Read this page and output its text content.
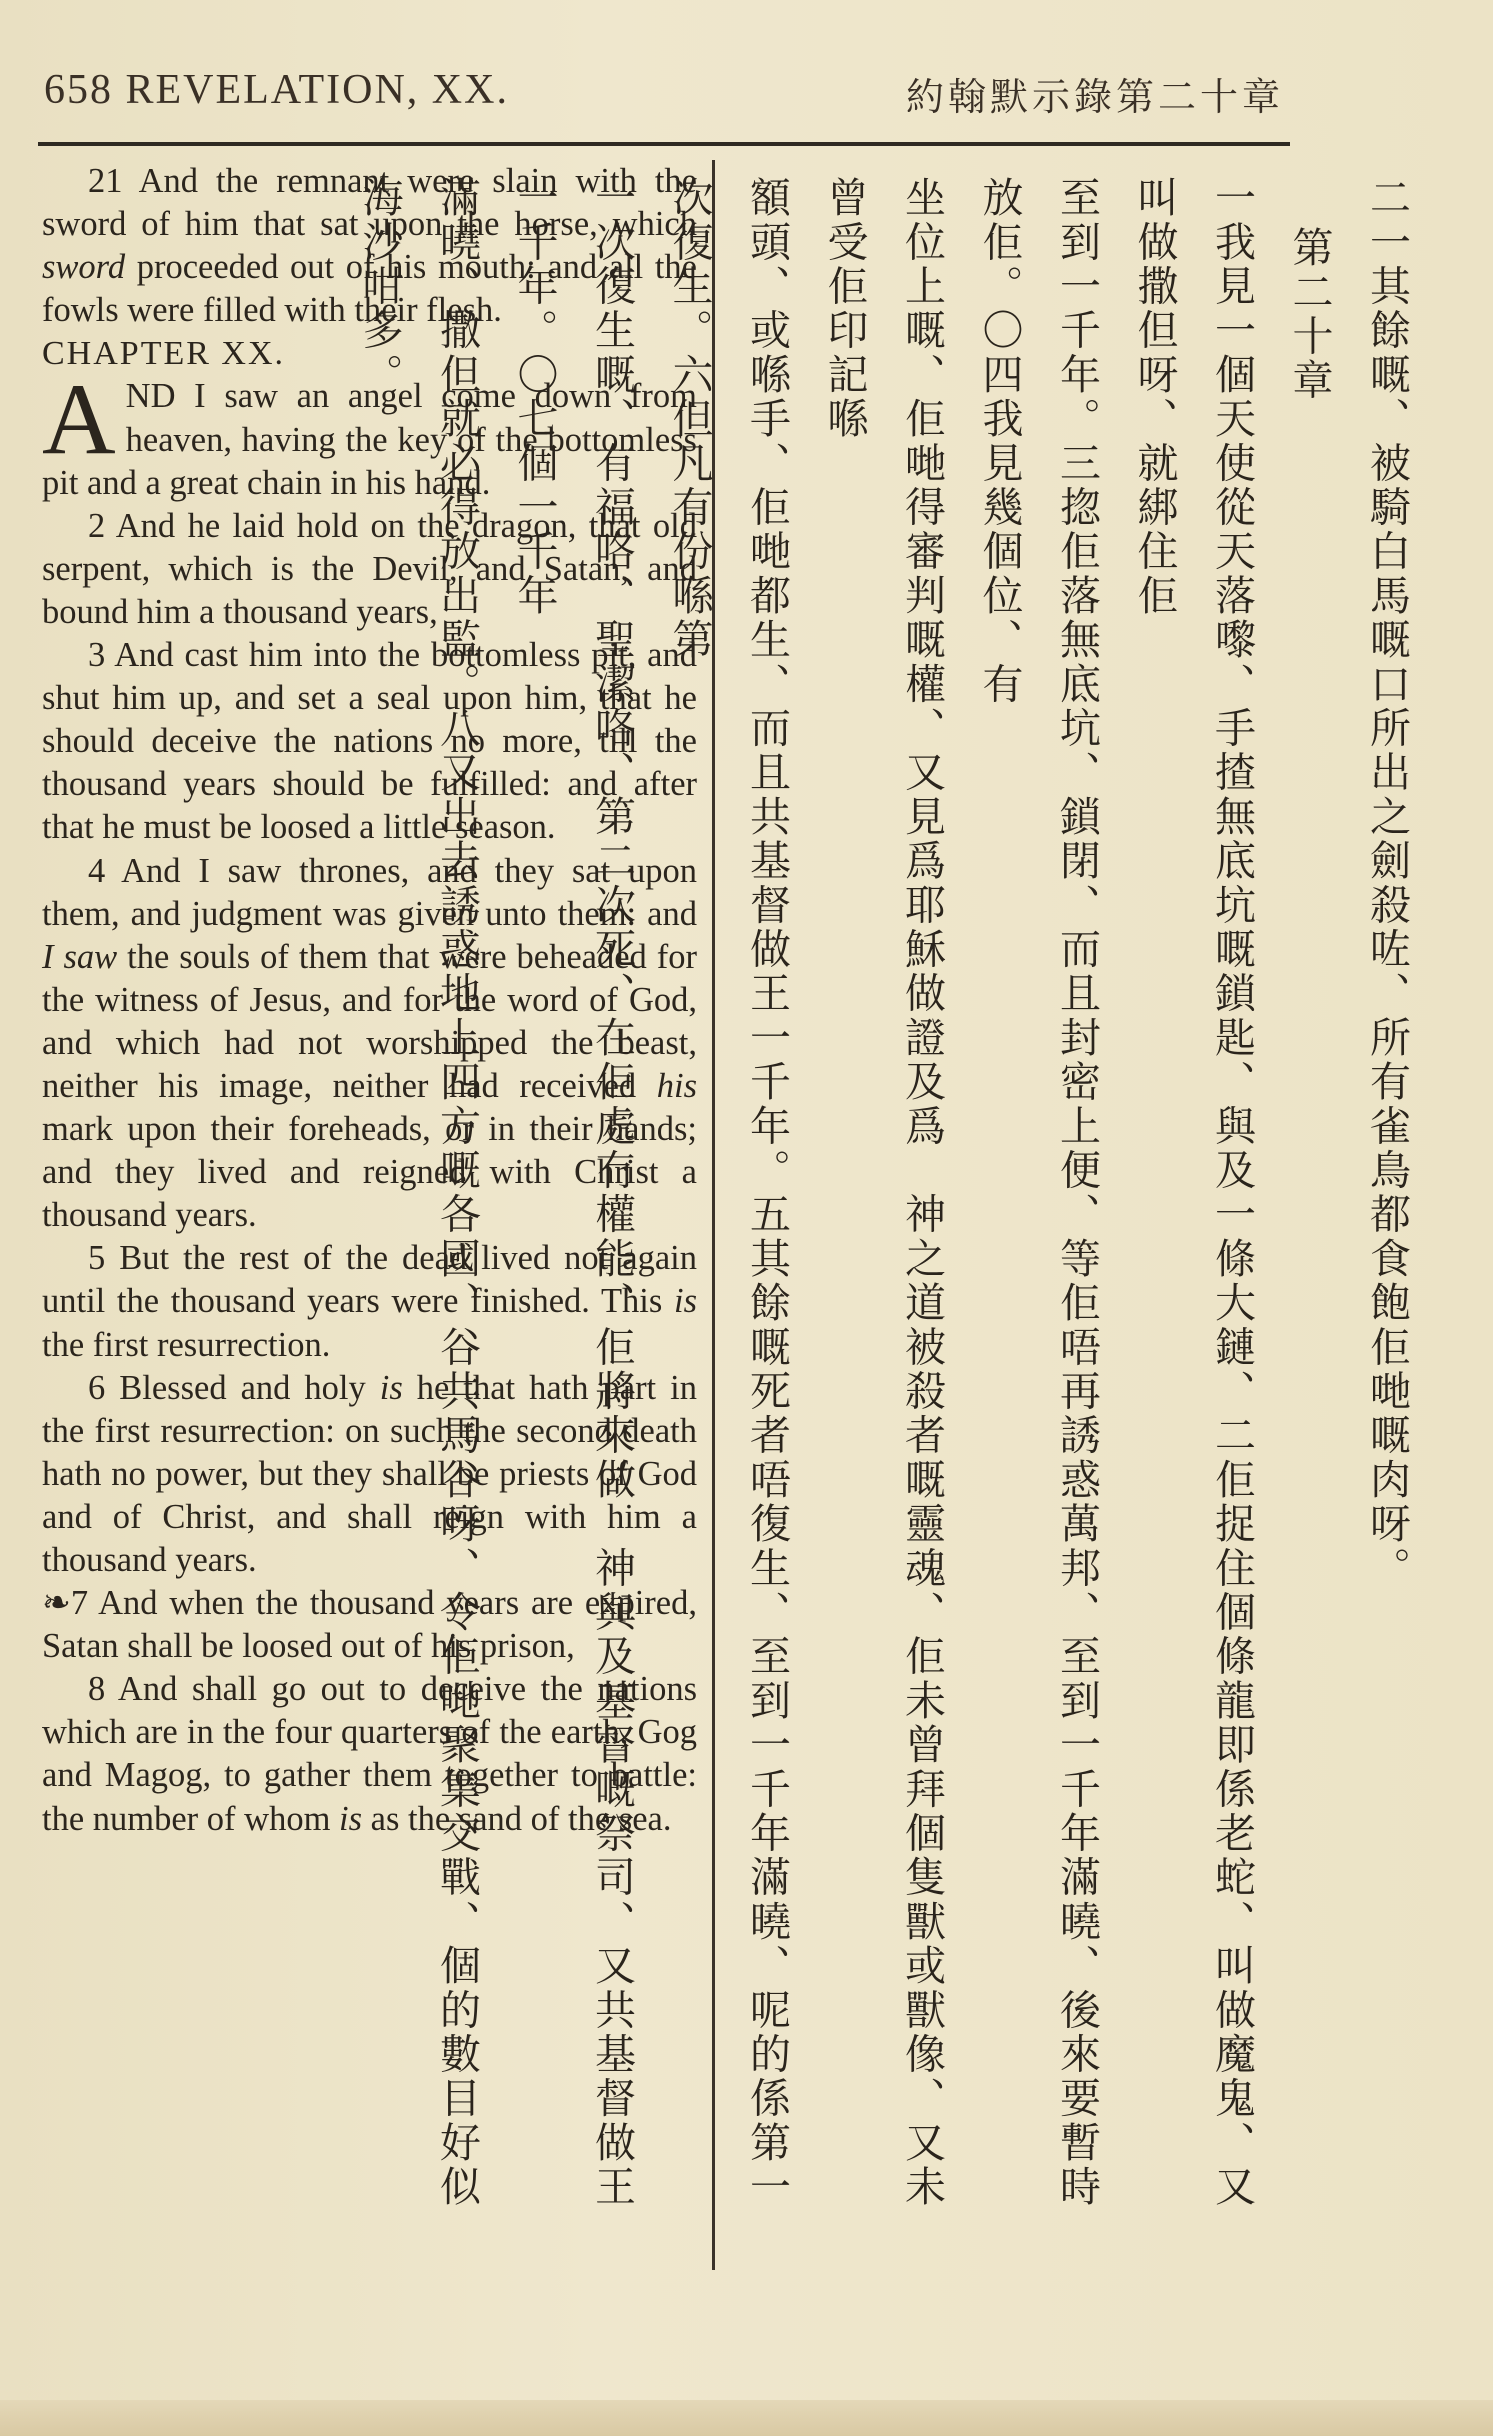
658 REVELATION, XX.	約翰默示錄第二十章

21 And the remnant were slain with the sword of him that sat upon the horse, which sword proceeded out of his mouth: and all the fowls were filled with their flesh.

CHAPTER XX.

AND I saw an angel come down from heaven, having the key of the bottomless pit and a great chain in his hand.

2 And he laid hold on the dragon, that old serpent, which is the Devil, and Satan, and bound him a thousand years,

3 And cast him into the bottomless pit, and shut him up, and set a seal upon him, that he should deceive the nations no more, till the thousand years should be fulfilled: and after that he must be loosed a little season.

4 And I saw thrones, and they sat upon them, and judgment was given unto them: and I saw the souls of them that were beheaded for the witness of Jesus, and for the word of God, and which had not worshipped the beast, neither his image, neither had received his mark upon their foreheads, or in their hands; and they lived and reigned with Christ a thousand years.

5 But the rest of the dead lived not again until the thousand years were finished. This is the first resurrection.

6 Blessed and holy is he that hath part in the first resurrection: on such the second death hath no power, but they shall be priests of God and of Christ, and shall reign with him a thousand years.

❧7 And when the thousand years are expired, Satan shall be loosed out of his prison,

8 And shall go out to deceive the nations which are in the four quarters of the earth, Gog and Magog, to gather them together to battle: the number of whom is as the sand of the sea.

二一其餘嘅、被騎白馬嘅口所出之劍殺咗、所有雀鳥都食飽佢哋嘅肉呀。
第二十章
一我見一個天使從天落嚟、手揸無底坑嘅鎖匙、與及一條大鏈、二佢捉住個條龍即係老蛇、叫做魔鬼、又叫做撒但呀、就綁住佢
至到一千年。三㧾佢落無底坑、鎖閉、而且封密上便、等佢唔再誘惑萬邦、至到一千年滿曉、後來要暫時放佢。〇四我見幾個位、有
坐位上嘅、佢哋得審判嘅權、又見爲耶穌做證及爲　神之道被殺者嘅靈魂、佢未曾拜個隻獸或獸像、又未曾受佢印記喺
額頭、或喺手、佢哋都生、而且共基督做王一千年。五其餘嘅死者唔復生、至到一千年滿曉、呢的係第一次復生。六但凡有份喺第
一次復生嘅、有福咯、聖潔咯、第二次死、在佢處冇權能、佢將來做　神與及基督嘅祭司、又共基督做王一千年。〇七個一千年
滿曉、撒但就必得放出監。八又出去誘惑地上四方嘅各國、谷共馬谷呀、令佢哋聚集交戰、個的數目好似海沙咁多。
